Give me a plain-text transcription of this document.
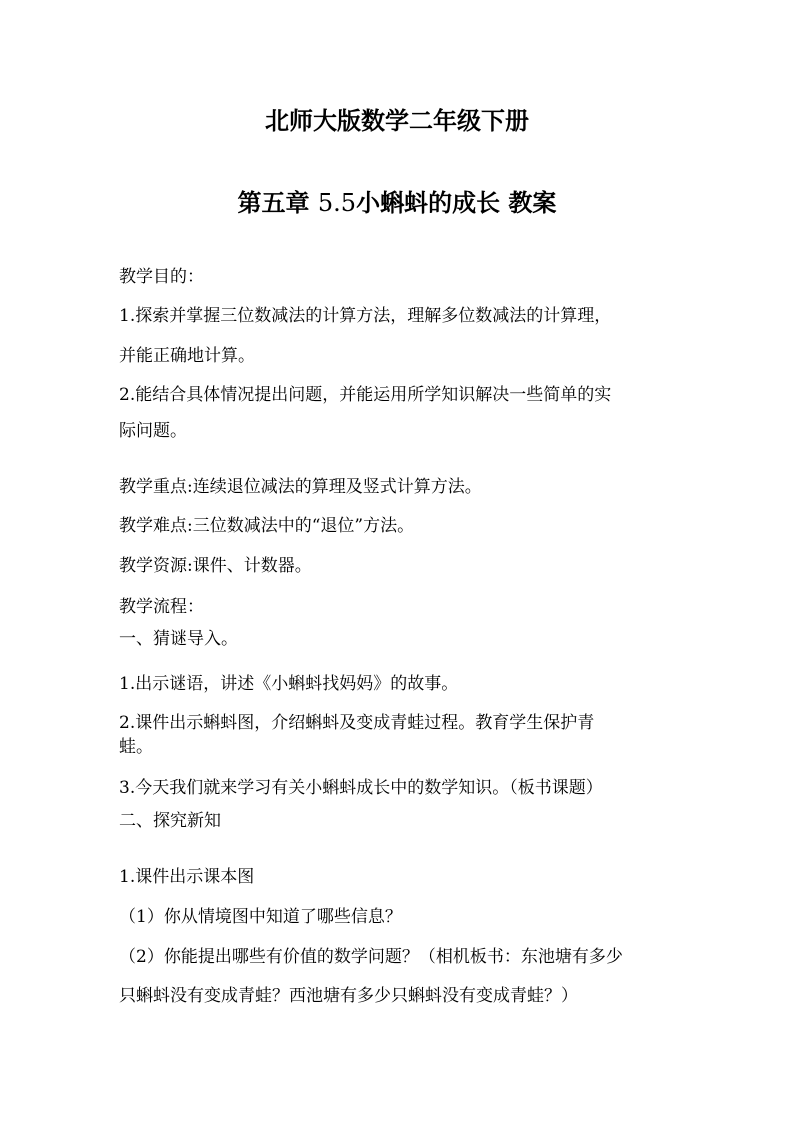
北师大版数学二年级下册
第五章 5.5小蝌蚪的成长 教案

教学目的：

1.探索并掌握三位数减法的计算方法，理解多位数减法的计算理，

并能正确地计算。

2.能结合具体情况提出问题，并能运用所学知识解决一些简单的实

际问题。

教学重点:连续退位减法的算理及竖式计算方法。

教学难点:三位数减法中的“退位”方法。

教学资源:课件、计数器。

教学流程：

一、猜谜导入。

1.出示谜语，讲述《小蝌蚪找妈妈》的故事。

2.课件出示蝌蚪图，介绍蝌蚪及变成青蛙过程。教育学生保护青

蛙。

3.今天我们就来学习有关小蝌蚪成长中的数学知识。（板书课题）

二、探究新知

1.课件出示课本图

（1）你从情境图中知道了哪些信息？

（2）你能提出哪些有价值的数学问题？（相机板书：东池塘有多少

只蝌蚪没有变成青蛙？西池塘有多少只蝌蚪没有变成青蛙？）
